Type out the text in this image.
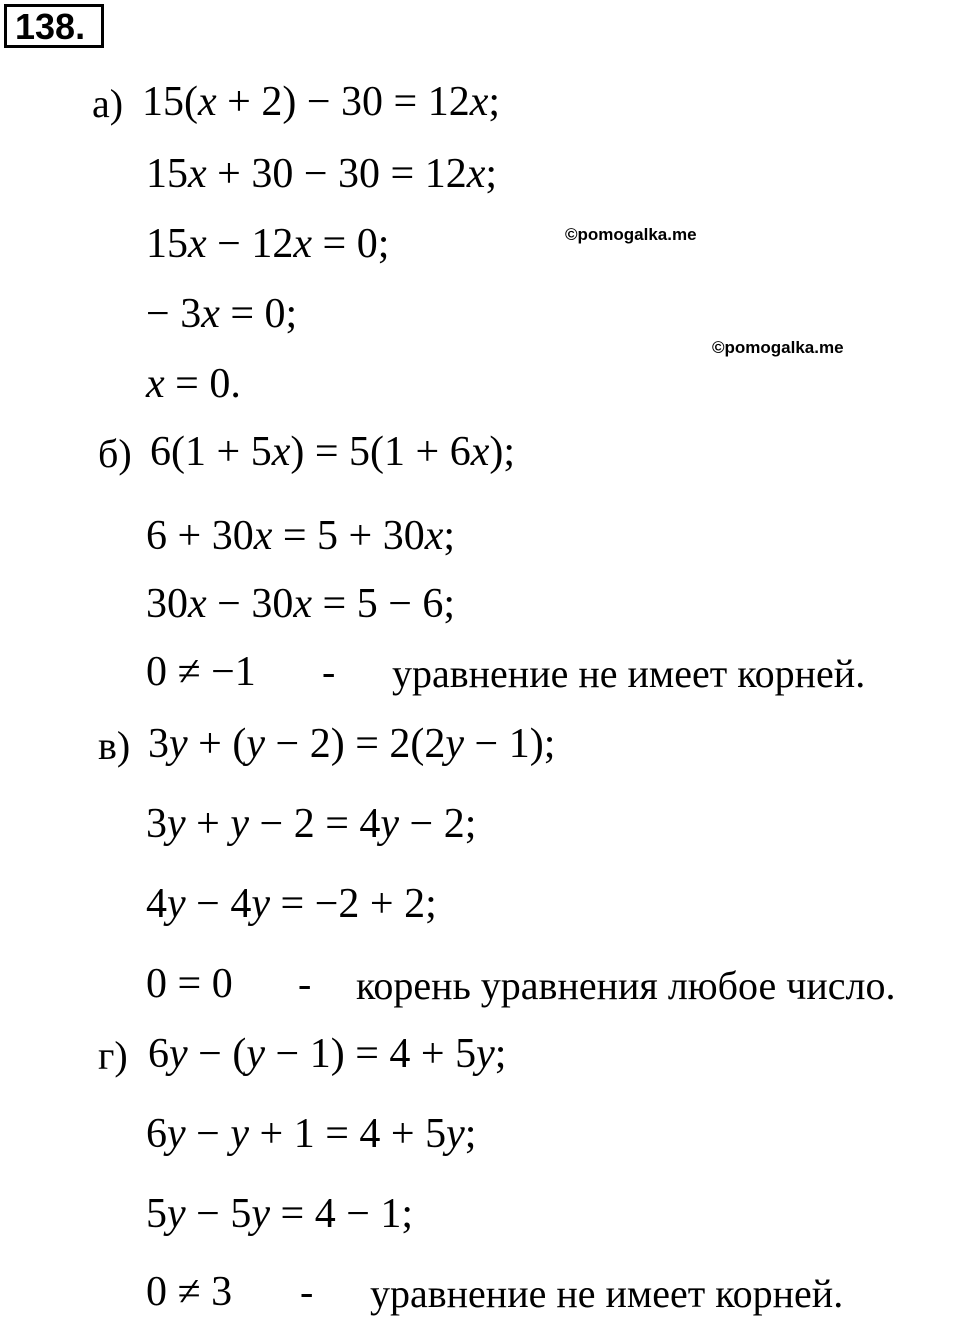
138.
а) 15(x + 2) − 30 = 12x;
15x + 30 − 30 = 12x;
15x − 12x = 0;
− 3x = 0;
x = 0.
©pomogalka.me
©pomogalka.me
б) 6(1 + 5x) = 5(1 + 6x);
6 + 30x = 5 + 30x;
30x − 30x = 5 − 6;
0 ≠ −1 - уравнение не имеет корней.
в) 3y + (y − 2) = 2(2y − 1);
3y + y − 2 = 4y − 2;
4y − 4y = −2 + 2;
0 = 0 - корень уравнения любое число.
г) 6y − (y − 1) = 4 + 5y;
6y − y + 1 = 4 + 5y;
5y − 5y = 4 − 1;
0 ≠ 3 - уравнение не имеет корней.
